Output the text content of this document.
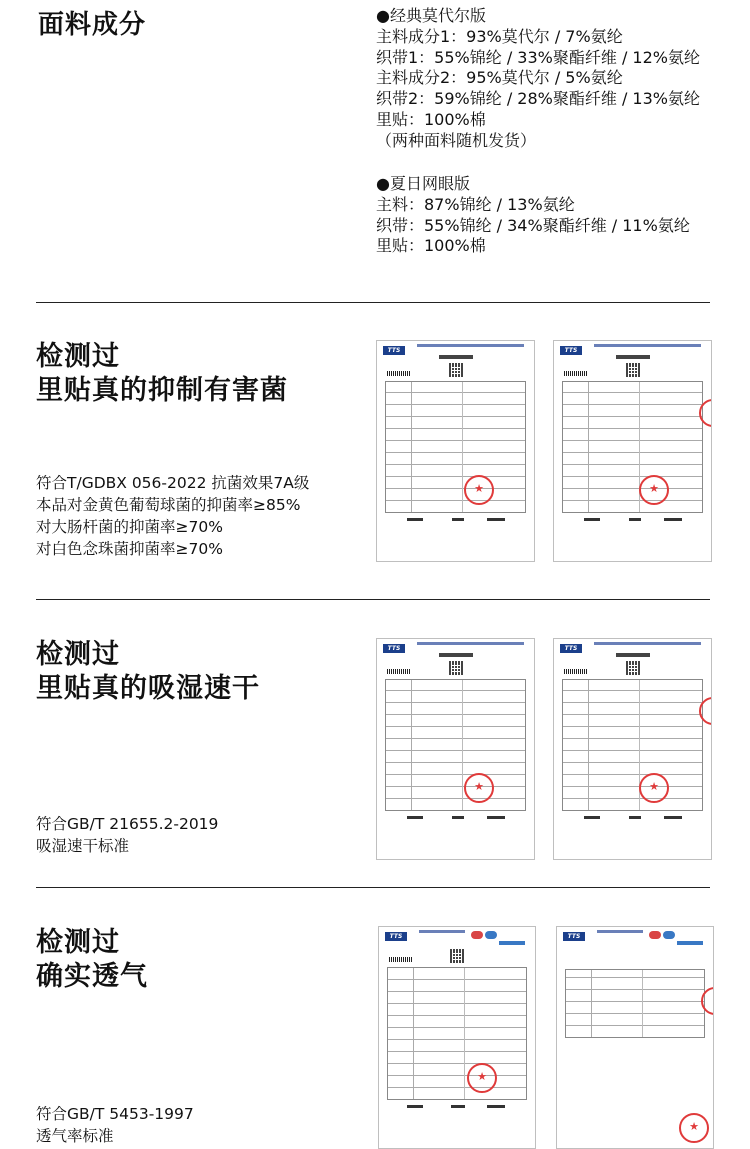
面料成分	●经典莫代尔版
主料成分1：93%莫代尔 / 7%氨纶
织带1：55%锦纶 / 33%聚酯纤维 / 12%氨纶
主料成分2：95%莫代尔 / 5%氨纶
织带2：59%锦纶 / 28%聚酯纤维 / 13%氨纶
里贴：100%棉
（两种面料随机发货）
●夏日网眼版
主料：87%锦纶 / 13%氨纶
织带：55%锦纶 / 34%聚酯纤维 / 11%氨纶
里贴：100%棉
检测过
里贴真的抑制有害菌
符合T/GDBX 056-2022 抗菌效果7A级
本品对金黄色葡萄球菌的抑菌率≥85%
对大肠杆菌的抑菌率≥70%
对白色念珠菌抑菌率≥70%
TTS
★	TTS
★
检测过
里贴真的吸湿速干
符合GB/T 21655.2-2019
吸湿速干标准
TTS
★	TTS
★
检测过
确实透气
符合GB/T 5453-1997
透气率标准
TTS
★	TTS
★
